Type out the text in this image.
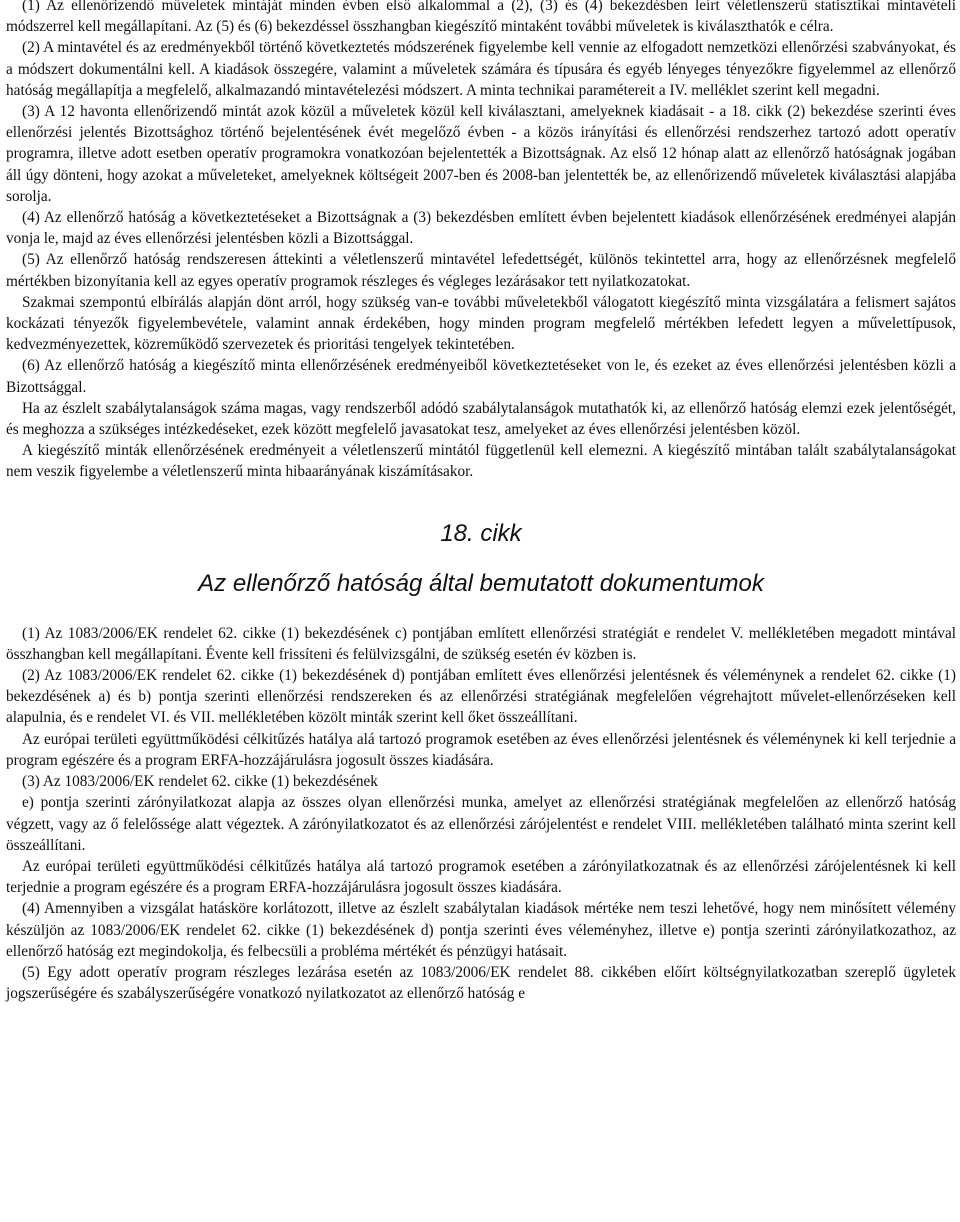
(1) Az ellenőrizendő műveletek mintáját minden évben első alkalommal a (2), (3) és (4) bekezdésben leírt véletlenszerű statisztikai mintavételi módszerrel kell megállapítani. Az (5) és (6) bekezdéssel összhangban kiegészítő mintaként további műveletek is kiválaszthatók e célra.

(2) A mintavétel és az eredményekből történő következtetés módszerének figyelembe kell vennie az elfogadott nemzetközi ellenőrzési szabványokat, és a módszert dokumentálni kell. A kiadások összegére, valamint a műveletek számára és típusára és egyéb lényeges tényezőkre figyelemmel az ellenőrző hatóság megállapítja a megfelelő, alkalmazandó mintavételezési módszert. A minta technikai paramétereit a IV. melléklet szerint kell megadni.

(3) A 12 havonta ellenőrizendő mintát azok közül a műveletek közül kell kiválasztani, amelyeknek kiadásait - a 18. cikk (2) bekezdése szerinti éves ellenőrzési jelentés Bizottsághoz történő bejelentésének évét megelőző évben - a közös irányítási és ellenőrzési rendszerhez tartozó adott operatív programra, illetve adott esetben operatív programokra vonatkozóan bejelentették a Bizottságnak. Az első 12 hónap alatt az ellenőrző hatóságnak jogában áll úgy dönteni, hogy azokat a műveleteket, amelyeknek költségeit 2007-ben és 2008-ban jelentették be, az ellenőrizendő műveletek kiválasztási alapjába sorolja.

(4) Az ellenőrző hatóság a következtetéseket a Bizottságnak a (3) bekezdésben említett évben bejelentett kiadások ellenőrzésének eredményei alapján vonja le, majd az éves ellenőrzési jelentésben közli a Bizottsággal.

(5) Az ellenőrző hatóság rendszeresen áttekinti a véletlenszerű mintavétel lefedettségét, különös tekintettel arra, hogy az ellenőrzésnek megfelelő mértékben bizonyítania kell az egyes operatív programok részleges és végleges lezárásakor tett nyilatkozatokat.

Szakmai szempontú elbírálás alapján dönt arról, hogy szükség van-e további műveletekből válogatott kiegészítő minta vizsgálatára a felismert sajátos kockázati tényezők figyelembevétele, valamint annak érdekében, hogy minden program megfelelő mértékben lefedett legyen a művelettípusok, kedvezményezettek, közreműködő szervezetek és prioritási tengelyek tekintetében.

(6) Az ellenőrző hatóság a kiegészítő minta ellenőrzésének eredményeiből következtetéseket von le, és ezeket az éves ellenőrzési jelentésben közli a Bizottsággal.

Ha az észlelt szabálytalanságok száma magas, vagy rendszerből adódó szabálytalanságok mutathatók ki, az ellenőrző hatóság elemzi ezek jelentőségét, és meghozza a szükséges intézkedéseket, ezek között megfelelő javasatokat tesz, amelyeket az éves ellenőrzési jelentésben közöl.

A kiegészítő minták ellenőrzésének eredményeit a véletlenszerű mintától függetlenül kell elemezni. A kiegészítő mintában talált szabálytalanságokat nem veszik figyelembe a véletlenszerű minta hibaarányának kiszámításakor.

18. cikk
Az ellenőrző hatóság által bemutatott dokumentumok

(1) Az 1083/2006/EK rendelet 62. cikke (1) bekezdésének c) pontjában említett ellenőrzési stratégiát e rendelet V. mellékletében megadott mintával összhangban kell megállapítani. Évente kell frissíteni és felülvizsgálni, de szükség esetén év közben is.

(2) Az 1083/2006/EK rendelet 62. cikke (1) bekezdésének d) pontjában említett éves ellenőrzési jelentésnek és véleménynek a rendelet 62. cikke (1) bekezdésének a) és b) pontja szerinti ellenőrzési rendszereken és az ellenőrzési stratégiának megfelelően végrehajtott művelet-ellenőrzéseken kell alapulnia, és e rendelet VI. és VII. mellékletében közölt minták szerint kell őket összeállítani.

Az európai területi együttműködési célkitűzés hatálya alá tartozó programok esetében az éves ellenőrzési jelentésnek és véleménynek ki kell terjednie a program egészére és a program ERFA-hozzájárulásra jogosult összes kiadására.

(3) Az 1083/2006/EK rendelet 62. cikke (1) bekezdésének

e) pontja szerinti zárónyilatkozat alapja az összes olyan ellenőrzési munka, amelyet az ellenőrzési stratégiának megfelelően az ellenőrző hatóság végzett, vagy az ő felelőssége alatt végeztek. A zárónyilatkozatot és az ellenőrzési zárójelentést e rendelet VIII. mellékletében található minta szerint kell összeállítani.

Az európai területi együttműködési célkitűzés hatálya alá tartozó programok esetében a zárónyilatkozatnak és az ellenőrzési zárójelentésnek ki kell terjednie a program egészére és a program ERFA-hozzájárulásra jogosult összes kiadására.

(4) Amennyiben a vizsgálat hatásköre korlátozott, illetve az észlelt szabálytalan kiadások mértéke nem teszi lehetővé, hogy nem minősített vélemény készüljön az 1083/2006/EK rendelet 62. cikke (1) bekezdésének d) pontja szerinti éves véleményhez, illetve e) pontja szerinti zárónyilatkozathoz, az ellenőrző hatóság ezt megindokolja, és felbecsüli a probléma mértékét és pénzügyi hatásait.

(5) Egy adott operatív program részleges lezárása esetén az 1083/2006/EK rendelet 88. cikkében előírt költségnyilatkozatban szereplő ügyletek jogszerűségére és szabályszerűségére vonatkozó nyilatkozatot az ellenőrző hatóság e
